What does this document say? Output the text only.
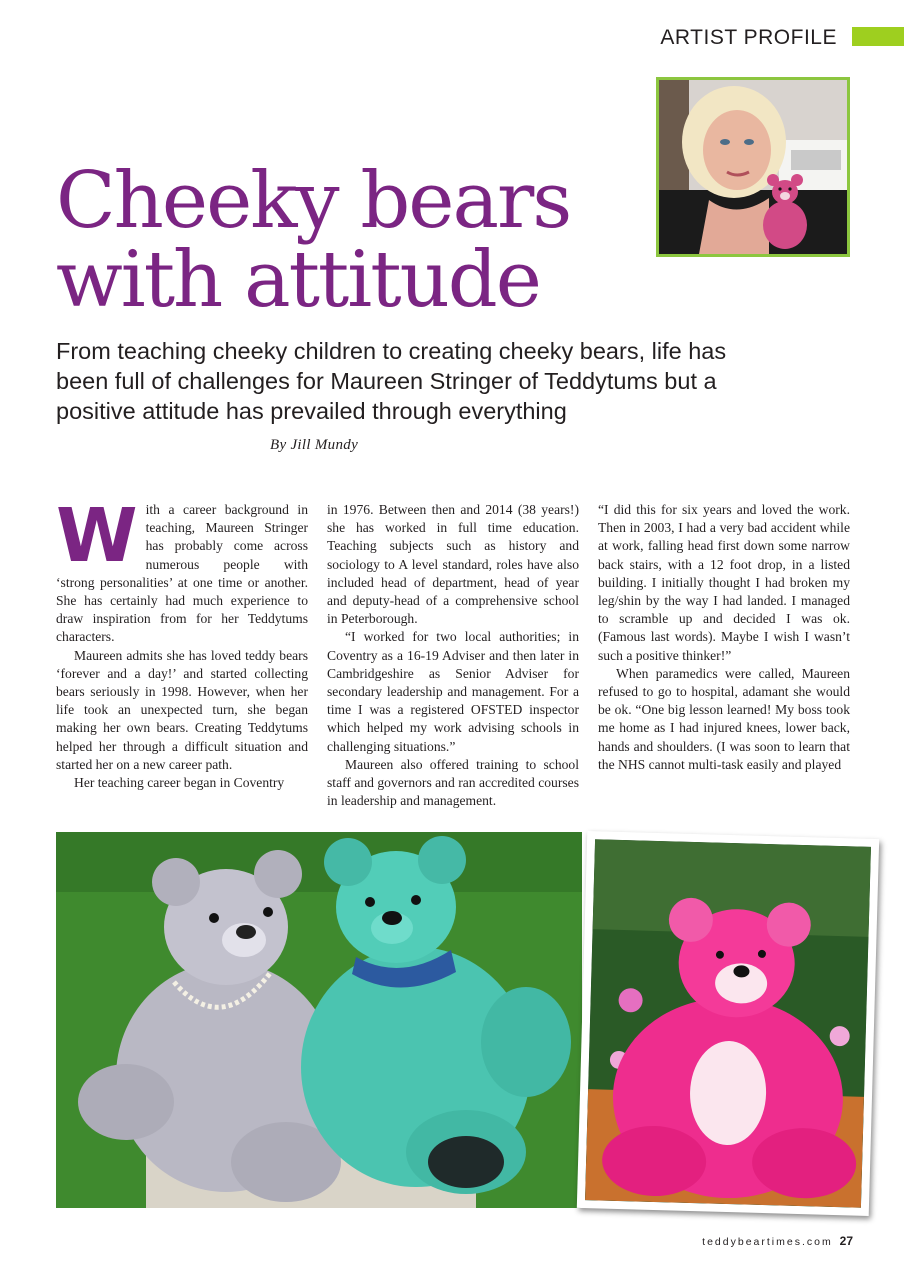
ARTIST PROFILE
Cheeky bears
with attitude

From teaching cheeky children to creating cheeky bears, life has been full of challenges for Maureen Stringer of Teddytums but a positive attitude has prevailed through everything

By Jill Mundy

With a career background in teaching, Maureen Stringer has probably come across numerous people with ‘strong personalities’ at one time or another. She has certainly had much experience to draw inspiration from for her Teddytums characters.

Maureen admits she has loved teddy bears ‘forever and a day!’ and started collecting bears seriously in 1998. However, when her life took an unexpected turn, she began making her own bears. Creating Teddytums helped her through a difficult situation and started her on a new career path.

Her teaching career began in Coventry

in 1976. Between then and 2014 (38 years!) she has worked in full time education. Teaching subjects such as history and sociology to A level standard, roles have also included head of department, head of year and deputy-head of a comprehensive school in Peterborough.

“I worked for two local authorities; in Coventry as a 16-19 Adviser and then later in Cambridgeshire as Senior Adviser for secondary leadership and management. For a time I was a registered OFSTED inspector which helped my work advising schools in challenging situations.”

Maureen also offered training to school staff and governors and ran accredited courses in leadership and management.

“I did this for six years and loved the work. Then in 2003, I had a very bad accident while at work, falling head first down some narrow back stairs, with a 12 foot drop, in a listed building. I initially thought I had broken my leg/shin by the way I had landed. I managed to scramble up and decided I was ok. (Famous last words). Maybe I wish I wasn’t such a positive thinker!”

When paramedics were called, Maureen refused to go to hospital, adamant she would be ok. “One big lesson learned! My boss took me home as I had injured knees, lower back, hands and shoulders. (I was soon to learn that the NHS cannot multi-task easily and played

teddybeartimes.com 27
